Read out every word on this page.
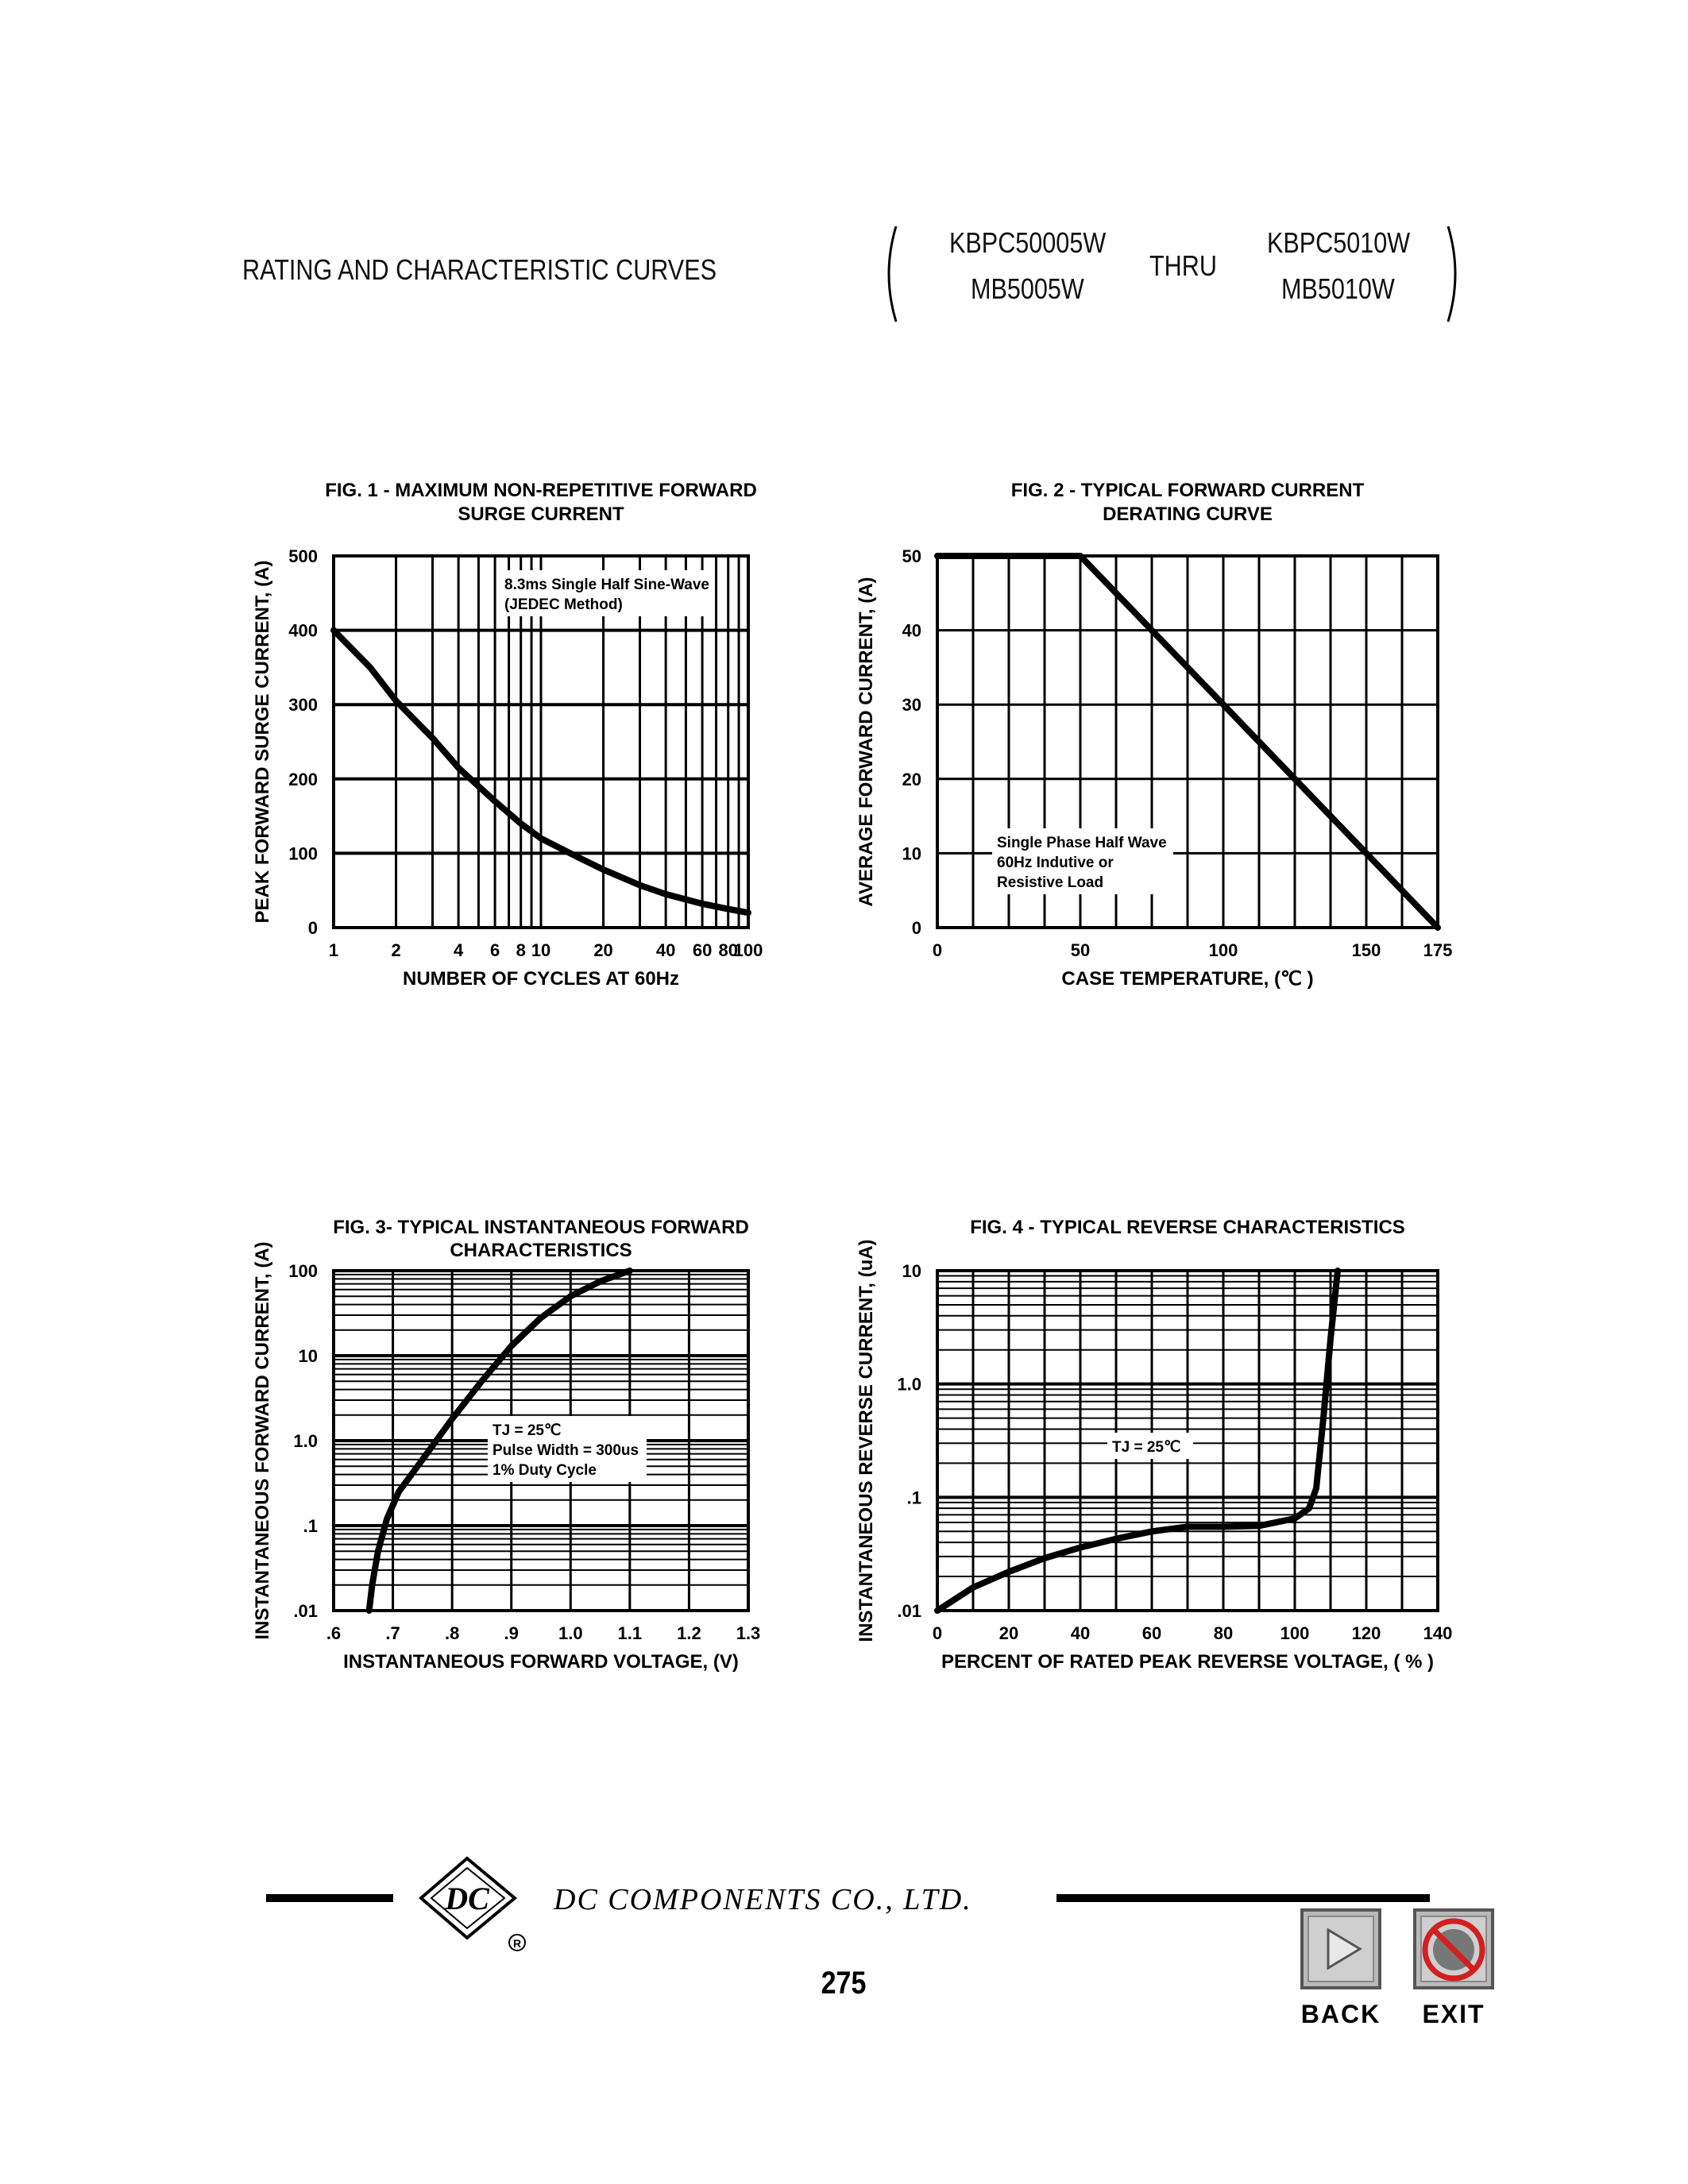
RATING AND CHARACTERISTIC CURVES
KBPC50005W
MB5005W
THRU
KBPC5010W
MB5010W
8.3ms Single Half Sine-Wave
(JEDEC Method)
1	2	4 6 8 10 20 40 60 80
100
0
100
200
300
400
500
FIG. 1 - MAXIMUM NON-REPETITIVE FORWARD
SURGE CURRENT
NUMBER OF CYCLES AT 60Hz
PEAK FORWARD SURGE CURRENT, (A)	Single Phase Half Wave
60Hz Indutive or
Resistive Load
0	50	100	150 175
0
10
20
30
40
50
FIG. 2 - TYPICAL FORWARD CURRENT
DERATING CURVE
CASE TEMPERATURE, (℃ )
AVERAGE FORWARD CURRENT, (A)
TJ = 25℃
Pulse Width = 300us
1% Duty Cycle
.6	.7	.8	.9 1.0 1.1 1.2 1.3
.01
.1
1.0
10
100
FIG. 3- TYPICAL INSTANTANEOUS FORWARD
CHARACTERISTICS
INSTANTANEOUS FORWARD VOLTAGE, (V)
INSTANTANEOUS FORWARD CURRENT, (A)	TJ = 25℃
0	20	40	60	80	100 120 140
.01
.1
1.0
10
FIG. 4 - TYPICAL REVERSE CHARACTERISTICS
PERCENT OF RATED PEAK REVERSE VOLTAGE, ( % )
INSTANTANEOUS REVERSE CURRENT, (uA)
DC
R
DC COMPONENTS CO., LTD.
275
BACK EXIT
